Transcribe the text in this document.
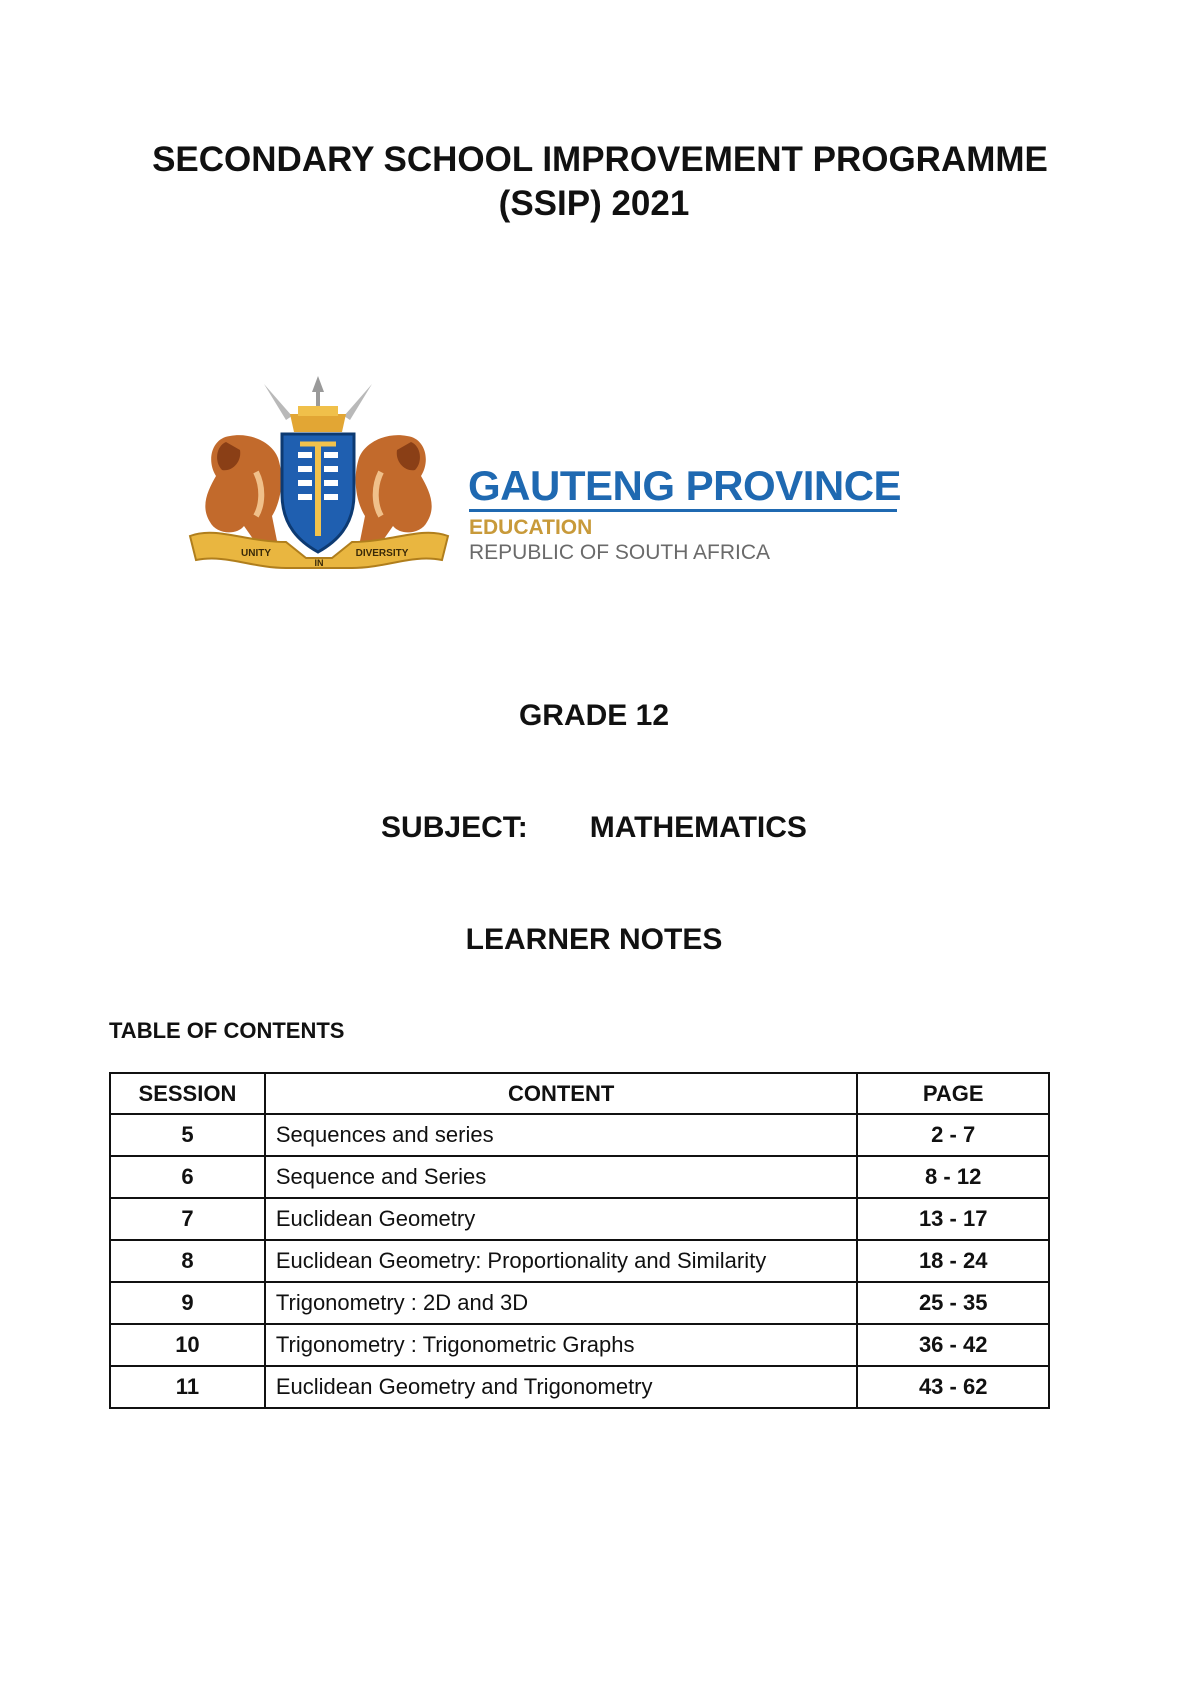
SECONDARY SCHOOL IMPROVEMENT PROGRAMME
(SSIP) 2021
UNITY
IN
DIVERSITY
GAUTENG PROVINCE
EDUCATION
REPUBLIC OF SOUTH AFRICA
GRADE 12
SUBJECT: MATHEMATICS
LEARNER NOTES
TABLE OF CONTENTS
SESSION	CONTENT	PAGE
5	Sequences and series	2 - 7
6	Sequence and Series	8 - 12
7	Euclidean Geometry	13 - 17
8	Euclidean Geometry: Proportionality and Similarity	18 - 24
9	Trigonometry : 2D and 3D	25 - 35
10	Trigonometry : Trigonometric Graphs	36 - 42
11	Euclidean Geometry and Trigonometry	43 - 62
